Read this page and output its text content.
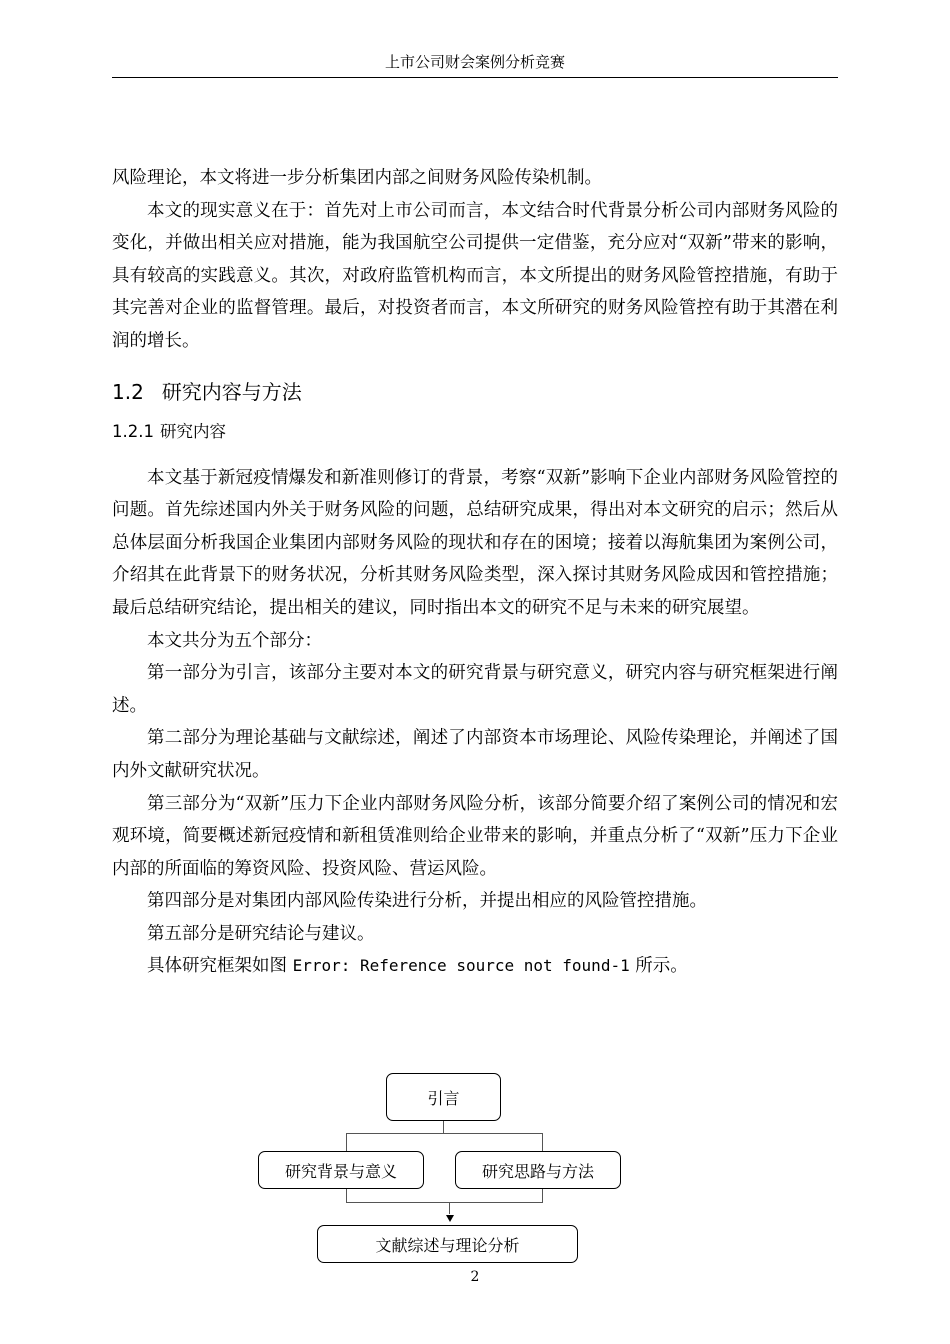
上市公司财会案例分析竞赛

风险理论，本文将进一步分析集团内部之间财务风险传染机制。

本文的现实意义在于：首先对上市公司而言，本文结合时代背景分析公司内部财务风险的变化，并做出相关应对措施，能为我国航空公司提供一定借鉴，充分应对“双新”带来的影响，具有较高的实践意义。其次，对政府监管机构而言，本文所提出的财务风险管控措施，有助于其完善对企业的监督管理。最后，对投资者而言，本文所研究的财务风险管控有助于其潜在利润的增长。

1.2 研究内容与方法

1.2.1 研究内容

本文基于新冠疫情爆发和新准则修订的背景，考察“双新”影响下企业内部财务风险管控的问题。首先综述国内外关于财务风险的问题，总结研究成果，得出对本文研究的启示；然后从总体层面分析我国企业集团内部财务风险的现状和存在的困境；接着以海航集团为案例公司，介绍其在此背景下的财务状况，分析其财务风险类型，深入探讨其财务风险成因和管控措施；最后总结研究结论，提出相关的建议，同时指出本文的研究不足与未来的研究展望。

本文共分为五个部分：

第一部分为引言，该部分主要对本文的研究背景与研究意义，研究内容与研究框架进行阐述。

第二部分为理论基础与文献综述，阐述了内部资本市场理论、风险传染理论，并阐述了国内外文献研究状况。

第三部分为“双新”压力下企业内部财务风险分析，该部分简要介绍了案例公司的情况和宏观环境，简要概述新冠疫情和新租赁准则给企业带来的影响，并重点分析了“双新”压力下企业内部的所面临的筹资风险、投资风险、营运风险。

第四部分是对集团内部风险传染进行分析，并提出相应的风险管控措施。

第五部分是研究结论与建议。

具体研究框架如图 Error: Reference source not found-1 所示。

引言
研究背景与意义	研究思路与方法
文献综述与理论分析
2
